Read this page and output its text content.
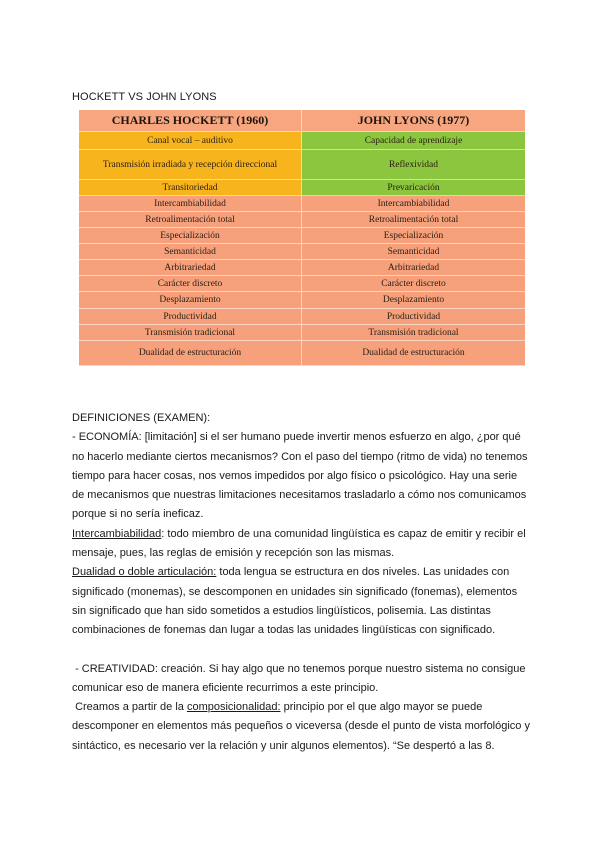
HOCKETT VS JOHN LYONS
CHARLES HOCKETT (1960)	JOHN LYONS (1977)
Canal vocal – auditivo	Capacidad de aprendizaje
Transmisión irradiada y recepción direccional	Reflexividad
Transitoriedad	Prevaricación
Intercambiabilidad	Intercambiabilidad
Retroalimentación total	Retroalimentación total
Especialización	Especialización
Semanticidad	Semanticidad
Arbitrariedad	Arbitrariedad
Carácter discreto	Carácter discreto
Desplazamiento	Desplazamiento
Productividad	Productividad
Transmisión tradicional	Transmisión tradicional
Dualidad de estructuración	Dualidad de estructuración

DEFINICIONES (EXAMEN):

- ECONOMÍA: [limitación] si el ser humano puede invertir menos esfuerzo en algo, ¿por qué no hacerlo mediante ciertos mecanismos? Con el paso del tiempo (ritmo de vida) no tenemos tiempo para hacer cosas, nos vemos impedidos por algo físico o psicológico. Hay una serie de mecanismos que nuestras limitaciones necesitamos trasladarlo a cómo nos comunicamos porque si no sería ineficaz.

Intercambiabilidad: todo miembro de una comunidad lingüística es capaz de emitir y recibir el mensaje, pues, las reglas de emisión y recepción son las mismas.

Dualidad o doble articulación: toda lengua se estructura en dos niveles. Las unidades con significado (monemas), se descomponen en unidades sin significado (fonemas), elementos sin significado que han sido sometidos a estudios lingüísticos, polisemia. Las distintas combinaciones de fonemas dan lugar a todas las unidades lingüísticas con significado.

- CREATIVIDAD: creación. Si hay algo que no tenemos porque nuestro sistema no consigue comunicar eso de manera eficiente recurrimos a este principio.

Creamos a partir de la composicionalidad: principio por el que algo mayor se puede descomponer en elementos más pequeños o viceversa (desde el punto de vista morfológico y sintáctico, es necesario ver la relación y unir algunos elementos). “Se despertó a las 8.
